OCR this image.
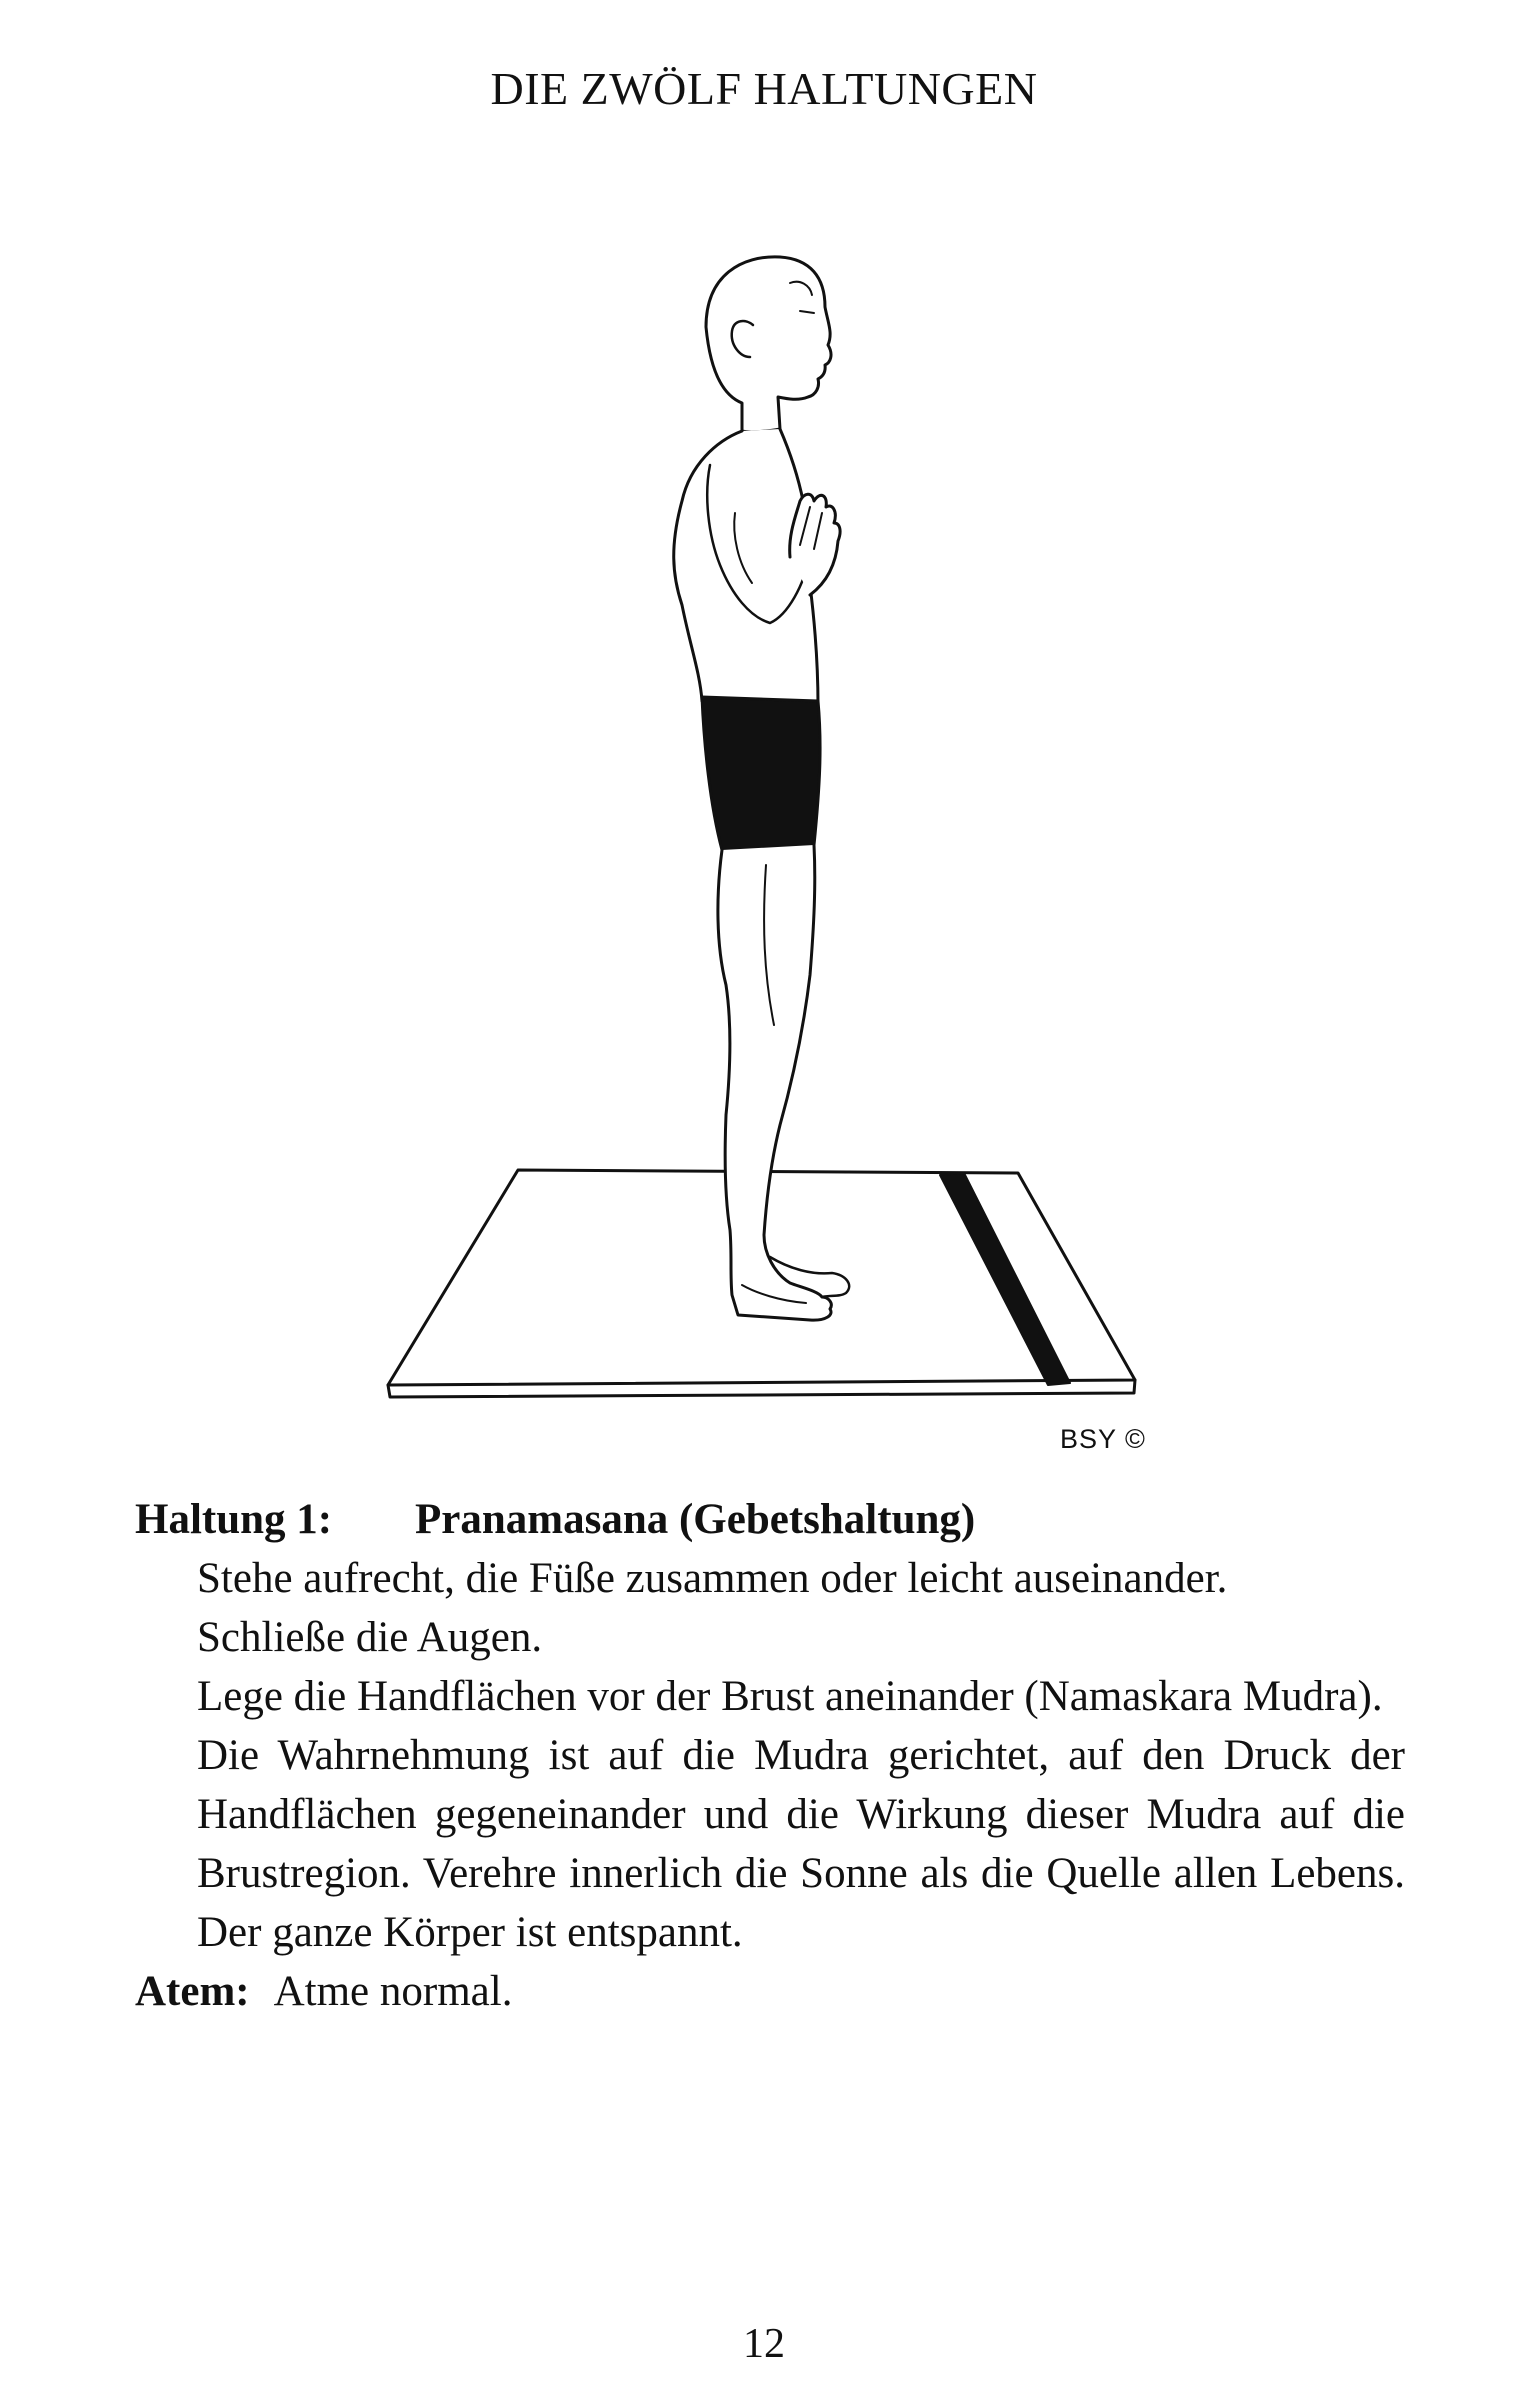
DIE ZWÖLF HALTUNGEN
BSY ©
Haltung 1: Pranamasana (Gebetshaltung)
Stehe aufrecht, die Füße zusammen oder leicht auseinander.
Schließe die Augen.
Lege die Handflächen vor der Brust aneinander (Namaskara Mudra).
Die Wahrnehmung ist auf die Mudra gerichtet, auf den Druck der Handflächen gegeneinander und die Wirkung dieser Mudra auf die Brustregion. Verehre innerlich die Sonne als die Quelle allen Lebens. Der ganze Körper ist entspannt.
Atem: Atme normal.
12
